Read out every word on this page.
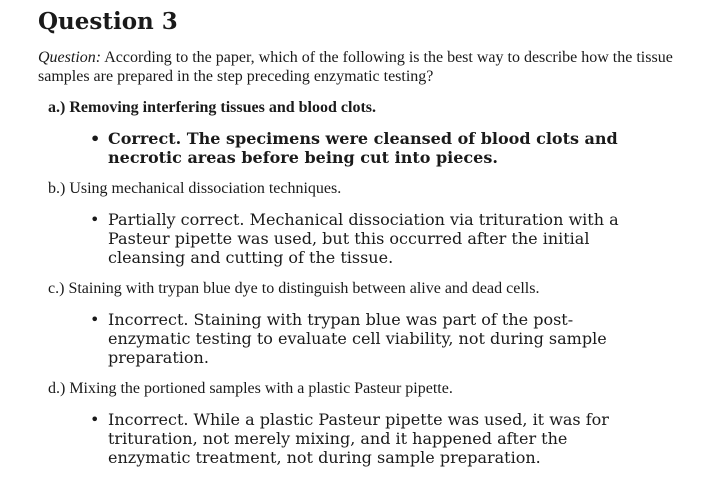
Question 3
Question: According to the paper, which of the following is the best way to describe how the tissue samples are prepared in the step preceding enzymatic testing?
a.) Removing interfering tissues and blood clots.
• Correct. The specimens were cleansed of blood clots and necrotic areas before being cut into pieces.
b.) Using mechanical dissociation techniques.
• Partially correct. Mechanical dissociation via trituration with a Pasteur pipette was used, but this occurred after the initial cleansing and cutting of the tissue.
c.) Staining with trypan blue dye to distinguish between alive and dead cells.
• Incorrect. Staining with trypan blue was part of the post-enzymatic testing to evaluate cell viability, not during sample preparation.
d.) Mixing the portioned samples with a plastic Pasteur pipette.
• Incorrect. While a plastic Pasteur pipette was used, it was for trituration, not merely mixing, and it happened after the enzymatic treatment, not during sample preparation.
